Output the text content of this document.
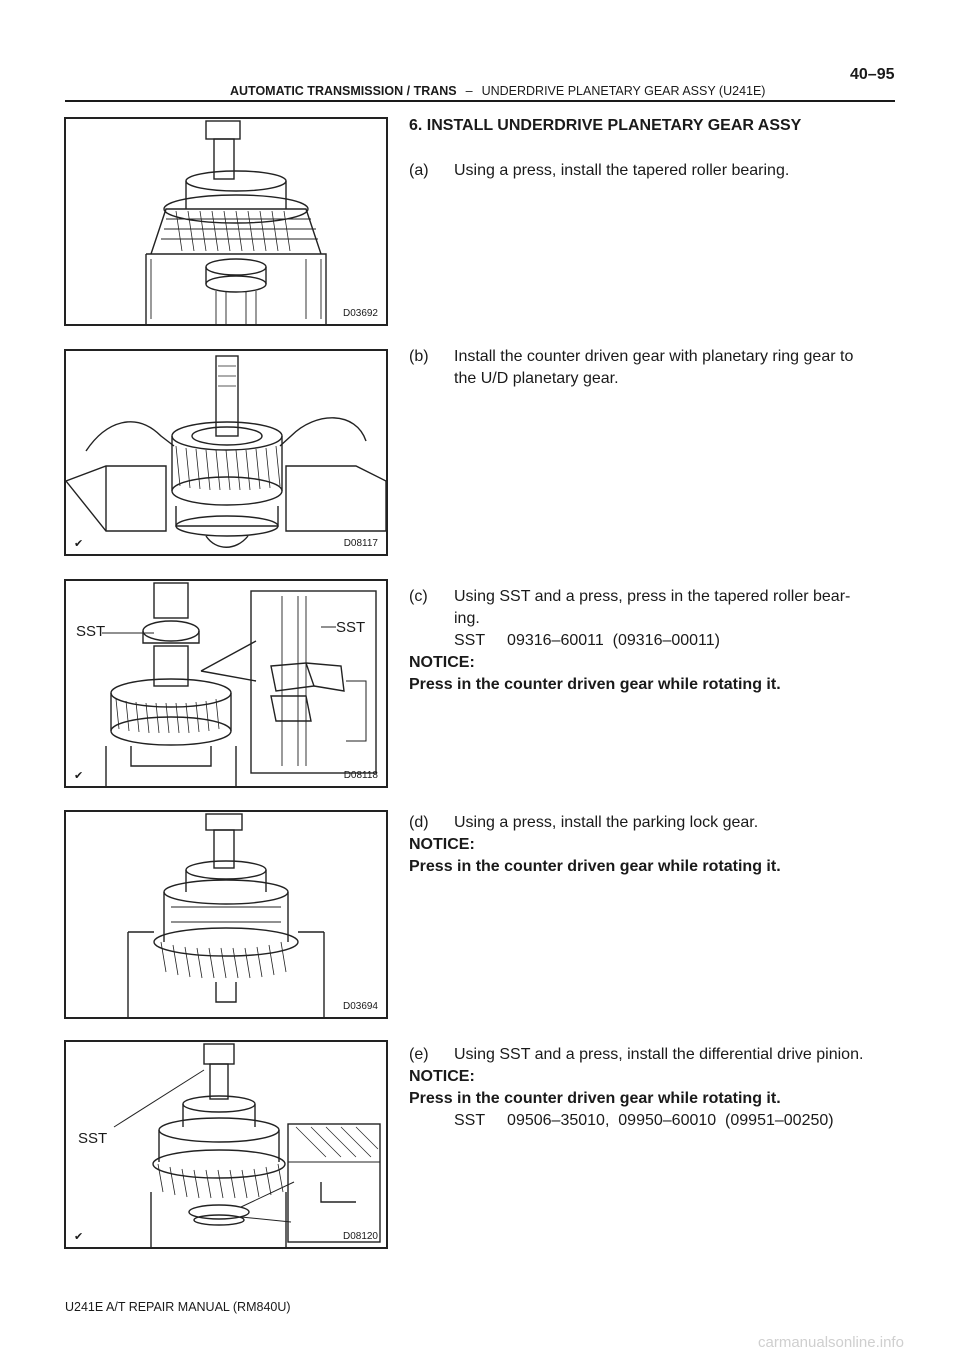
AUTOMATIC TRANSMISSION / TRANS – UNDERDRIVE PLANETARY GEAR ASSY (U241E)
40–95
D03692
✔	D08117
SST	SST
✔	D08118
D03694
SST
✔	D08120
6. INSTALL UNDERDRIVE PLANETARY GEAR ASSY
(a) Using a press, install the tapered roller bearing.
(b) Install the counter driven gear with planetary ring gear to
the U/D planetary gear.
(c) Using SST and a press, press in the tapered roller bear-
ing.
SST     09316–60011  (09316–00011)
NOTICE:
Press in the counter driven gear while rotating it.
(d) Using a press, install the parking lock gear.
NOTICE:
Press in the counter driven gear while rotating it.
(e) Using SST and a press, install the differential drive pinion.
NOTICE:
Press in the counter driven gear while rotating it.
SST     09506–35010,  09950–60010  (09951–00250)
U241E A/T REPAIR MANUAL (RM840U)
carmanualsonline.info
